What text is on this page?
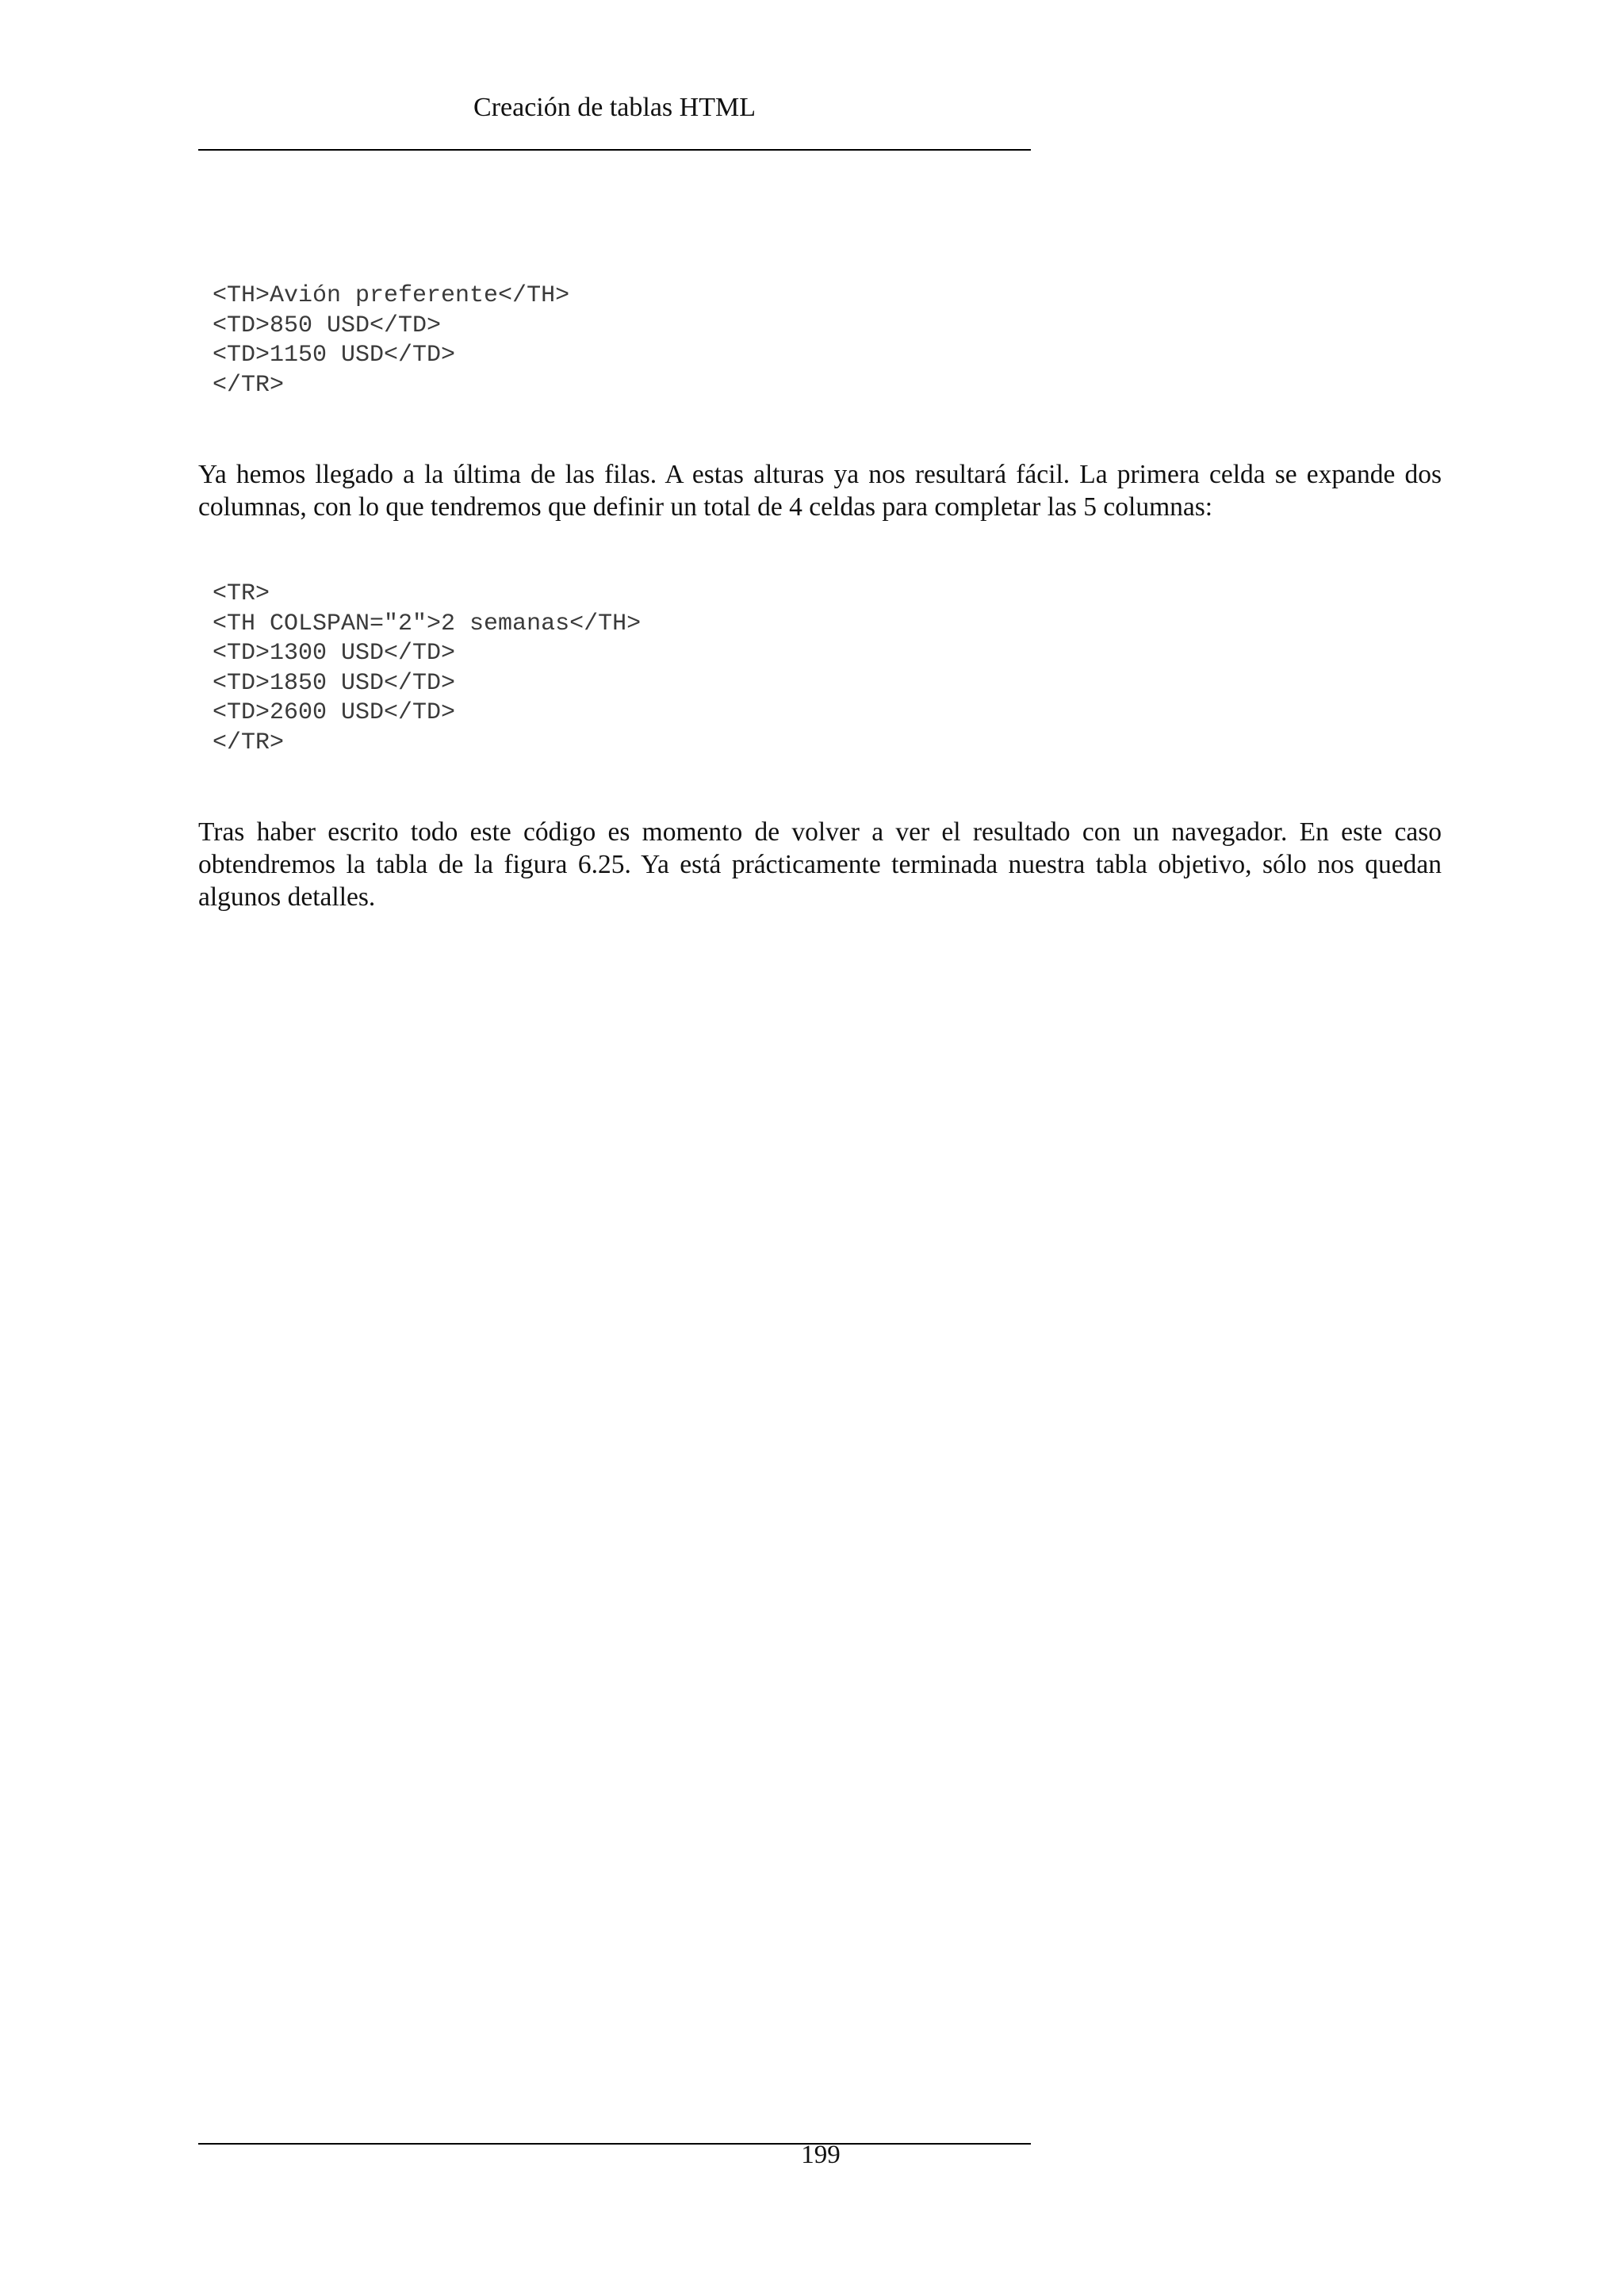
Creación de tablas HTML
<TH>Avión preferente</TH>
<TD>850 USD</TD>
<TD>1150 USD</TD>
</TR>

Ya hemos llegado a la última de las filas. A estas alturas ya nos resultará fácil. La primera celda se expande dos columnas, con lo que tendremos que definir un total de 4 celdas para completar las 5 columnas:

<TR>
<TH COLSPAN="2">2 semanas</TH>
<TD>1300 USD</TD>
<TD>1850 USD</TD>
<TD>2600 USD</TD>
</TR>

Tras haber escrito todo este código es momento de volver a ver el resultado con un navegador. En este caso obtendremos la tabla de la figura 6.25. Ya está prácticamente terminada nuestra tabla objetivo, sólo nos quedan algunos detalles.

199
